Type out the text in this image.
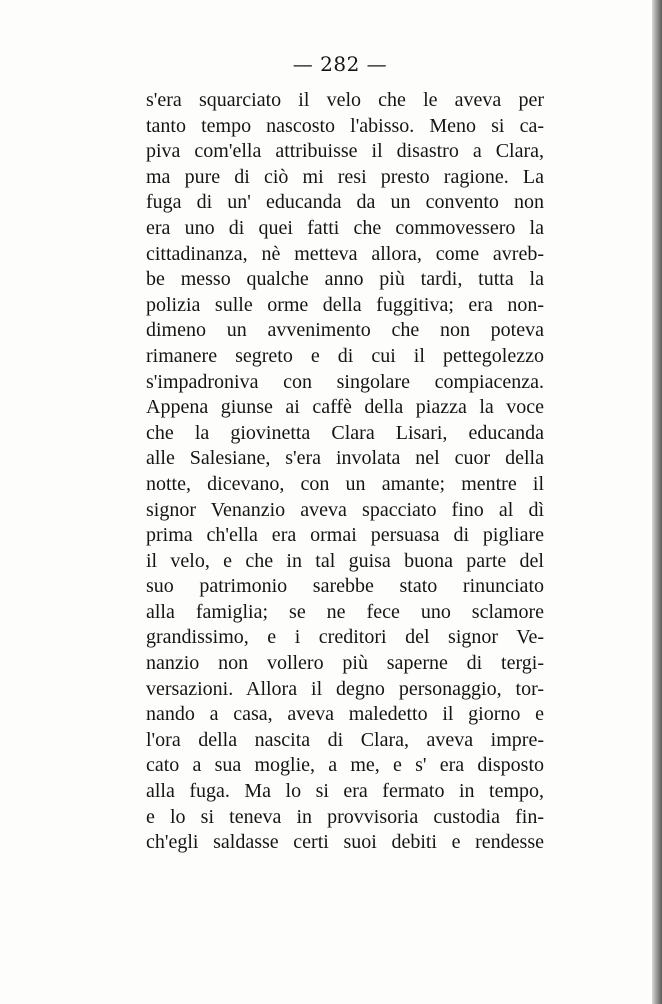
— 282 —
s'era squarciato il velo che le aveva per
tanto tempo nascosto l'abisso. Meno si ca-
piva com'ella attribuisse il disastro a Clara,
ma pure di ciò mi resi presto ragione. La
fuga di un' educanda da un convento non
era uno di quei fatti che commovessero la
cittadinanza, nè metteva allora, come avreb-
be messo qualche anno più tardi, tutta la
polizia sulle orme della fuggitiva; era non-
dimeno un avvenimento che non poteva
rimanere segreto e di cui il pettegolezzo
s'impadroniva con singolare compiacenza.
Appena giunse ai caffè della piazza la voce
che la giovinetta Clara Lisari, educanda
alle Salesiane, s'era involata nel cuor della
notte, dicevano, con un amante; mentre il
signor Venanzio aveva spacciato fino al dì
prima ch'ella era ormai persuasa di pigliare
il velo, e che in tal guisa buona parte del
suo patrimonio sarebbe stato rinunciato
alla famiglia; se ne fece uno sclamore
grandissimo, e i creditori del signor Ve-
nanzio non vollero più saperne di tergi-
versazioni. Allora il degno personaggio, tor-
nando a casa, aveva maledetto il giorno e
l'ora della nascita di Clara, aveva impre-
cato a sua moglie, a me, e s' era disposto
alla fuga. Ma lo si era fermato in tempo,
e lo si teneva in provvisoria custodia fin-
ch'egli saldasse certi suoi debiti e rendesse
